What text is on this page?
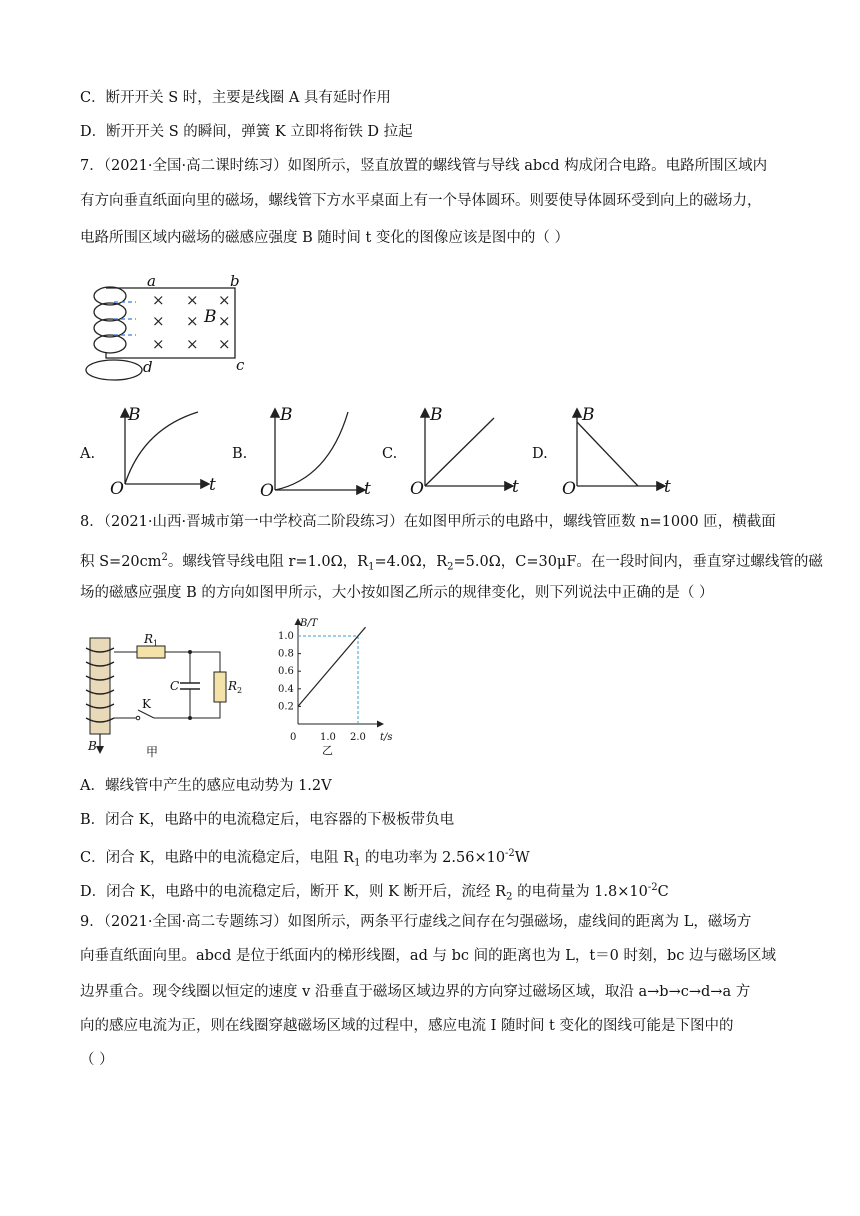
C．断开开关 S 时，主要是线圈 A 具有延时作用
D．断开开关 S 的瞬间，弹簧 K 立即将衔铁 D 拉起
7．（2021·全国·高二课时练习）如图所示，竖直放置的螺线管与导线 abcd 构成闭合电路。电路所围区域内
有方向垂直纸面向里的磁场，螺线管下方水平桌面上有一个导体圆环。则要使导体圆环受到向上的磁场力，
电路所围区域内磁场的磁感应强度 B 随时间 t 变化的图像应该是图中的（ ）
× × ×
× × ×
× × ×
a	b
c
d
B
A.	B.	C.	D.
B
t
O
B
t
O
B
t
O
B
t
O
8．（2021·山西·晋城市第一中学校高二阶段练习）在如图甲所示的电路中，螺线管匝数 n=1000 匝，横截面
积 $S=20cm^2$。螺线管导线电阻 r=1.0Ω，$R_1=4.0\Omega$，$R_2=5.0\Omega$，C=30μF。在一段时间内，垂直穿过螺线管的磁
场的磁感应强度 B 的方向如图甲所示，大小按如图乙所示的规律变化，则下列说法中正确的是（ ）
R 1
R 2
C
K
B	甲
1.0
0.8
0.6
0.4
0.2
1.0 2.0
B/T
t/s
0
乙
A．螺线管中产生的感应电动势为 1.2V
B．闭合 K，电路中的电流稳定后，电容器的下极板带负电
C．闭合 K，电路中的电流稳定后，电阻 $R_1$ 的电功率为 $2.56\times 10^{-2}W$
D．闭合 K，电路中的电流稳定后，断开 K，则 K 断开后，流经 $R_2$ 的电荷量为 $1.8\times 10^{-2}C$
9．（2021·全国·高二专题练习）如图所示，两条平行虚线之间存在匀强磁场，虚线间的距离为 L，磁场方
向垂直纸面向里。abcd 是位于纸面内的梯形线圈，ad 与 bc 间的距离也为 L，t＝0 时刻，bc 边与磁场区域
边界重合。现令线圈以恒定的速度 v 沿垂直于磁场区域边界的方向穿过磁场区域，取沿 a→b→c→d→a 方
向的感应电流为正，则在线圈穿越磁场区域的过程中，感应电流 I 随时间 t 变化的图线可能是下图中的
（ ）
